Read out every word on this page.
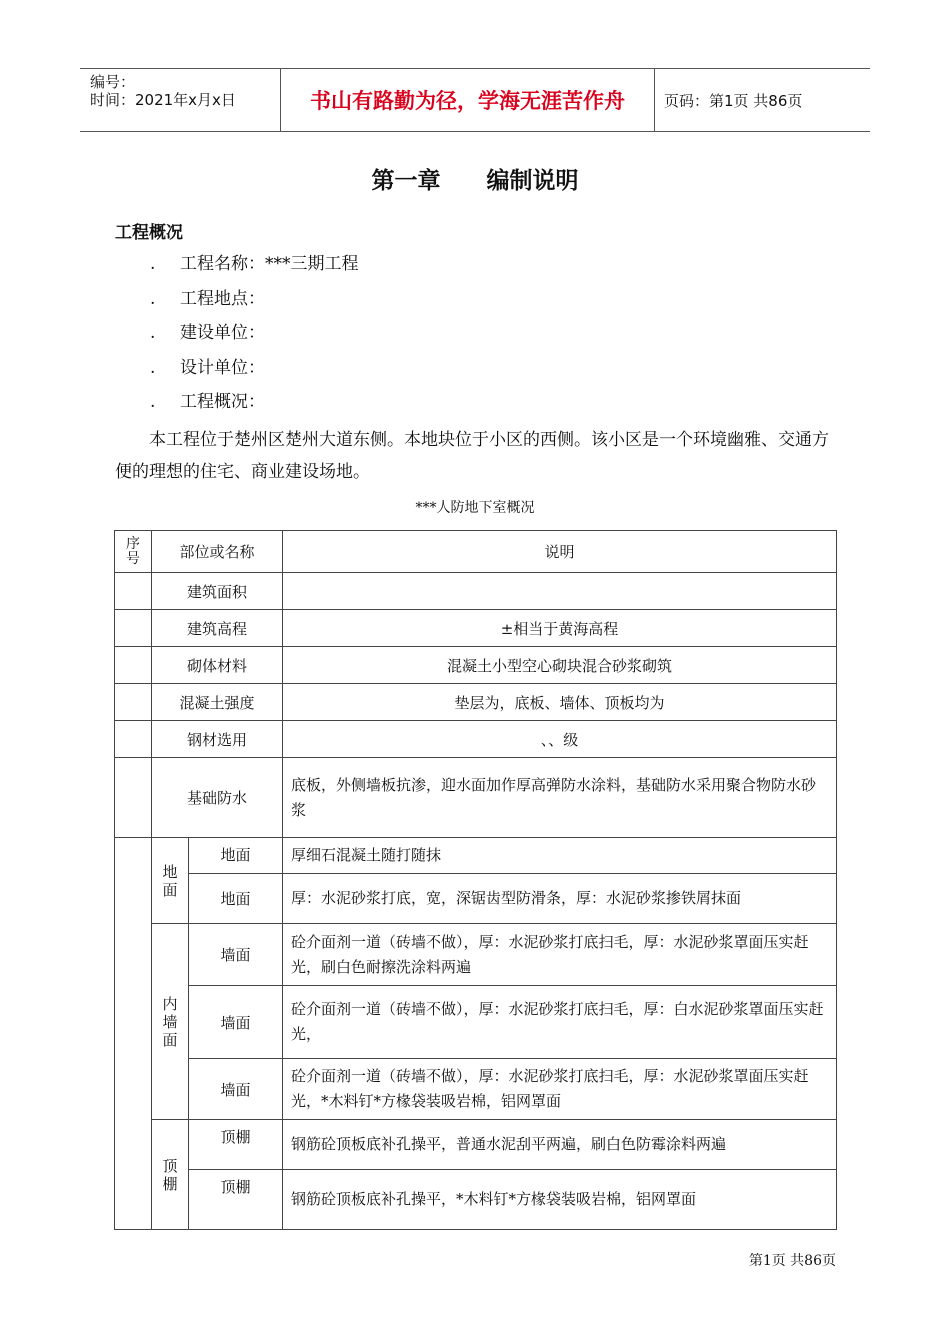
编号：
时间：2021年x月x日	书山有路勤为径，学海无涯苦作舟	页码：第1页 共86页
第一章 编制说明
工程概况
. 工程名称：***三期工程
. 工程地点：
. 建设单位：
. 设计单位：
. 工程概况：
本工程位于楚州区楚州大道东侧。本地块位于小区的西侧。该小区是一个环境幽雅、交通方便的理想的住宅、商业建设场地。
***人防地下室概况
序号	部位或名称		说明
	建筑面积		
	建筑高程		±相当于黄海高程
	砌体材料		混凝土小型空心砌块混合砂浆砌筑
	混凝土强度		垫层为，底板、墙体、顶板均为
	钢材选用		、、级
	基础防水		底板，外侧墙板抗渗，迎水面加作厚高弹防水涂料，基础防水采用聚合物防水砂浆

	地面	地面	厚细石混凝土随打随抹
		地面	厚：水泥砂浆打底，宽，深锯齿型防滑条，厚：水泥砂浆掺铁屑抹面

	内墙面	墙面	砼介面剂一道（砖墙不做），厚：水泥砂浆打底扫毛，厚：水泥砂浆罩面压实赶光，刷白色耐擦洗涂料两遍
		墙面	砼介面剂一道（砖墙不做），厚：水泥砂浆打底扫毛，厚：白水泥砂浆罩面压实赶光，
		墙面	砼介面剂一道（砖墙不做），厚：水泥砂浆打底扫毛，厚：水泥砂浆罩面压实赶光，*木料钉*方椽袋装吸岩棉，铝网罩面

	顶棚	顶棚	钢筋砼顶板底补孔操平，普通水泥刮平两遍，刷白色防霉涂料两遍
		顶棚	钢筋砼顶板底补孔操平，*木料钉*方椽袋装吸岩棉，铝网罩面
第1页 共86页
